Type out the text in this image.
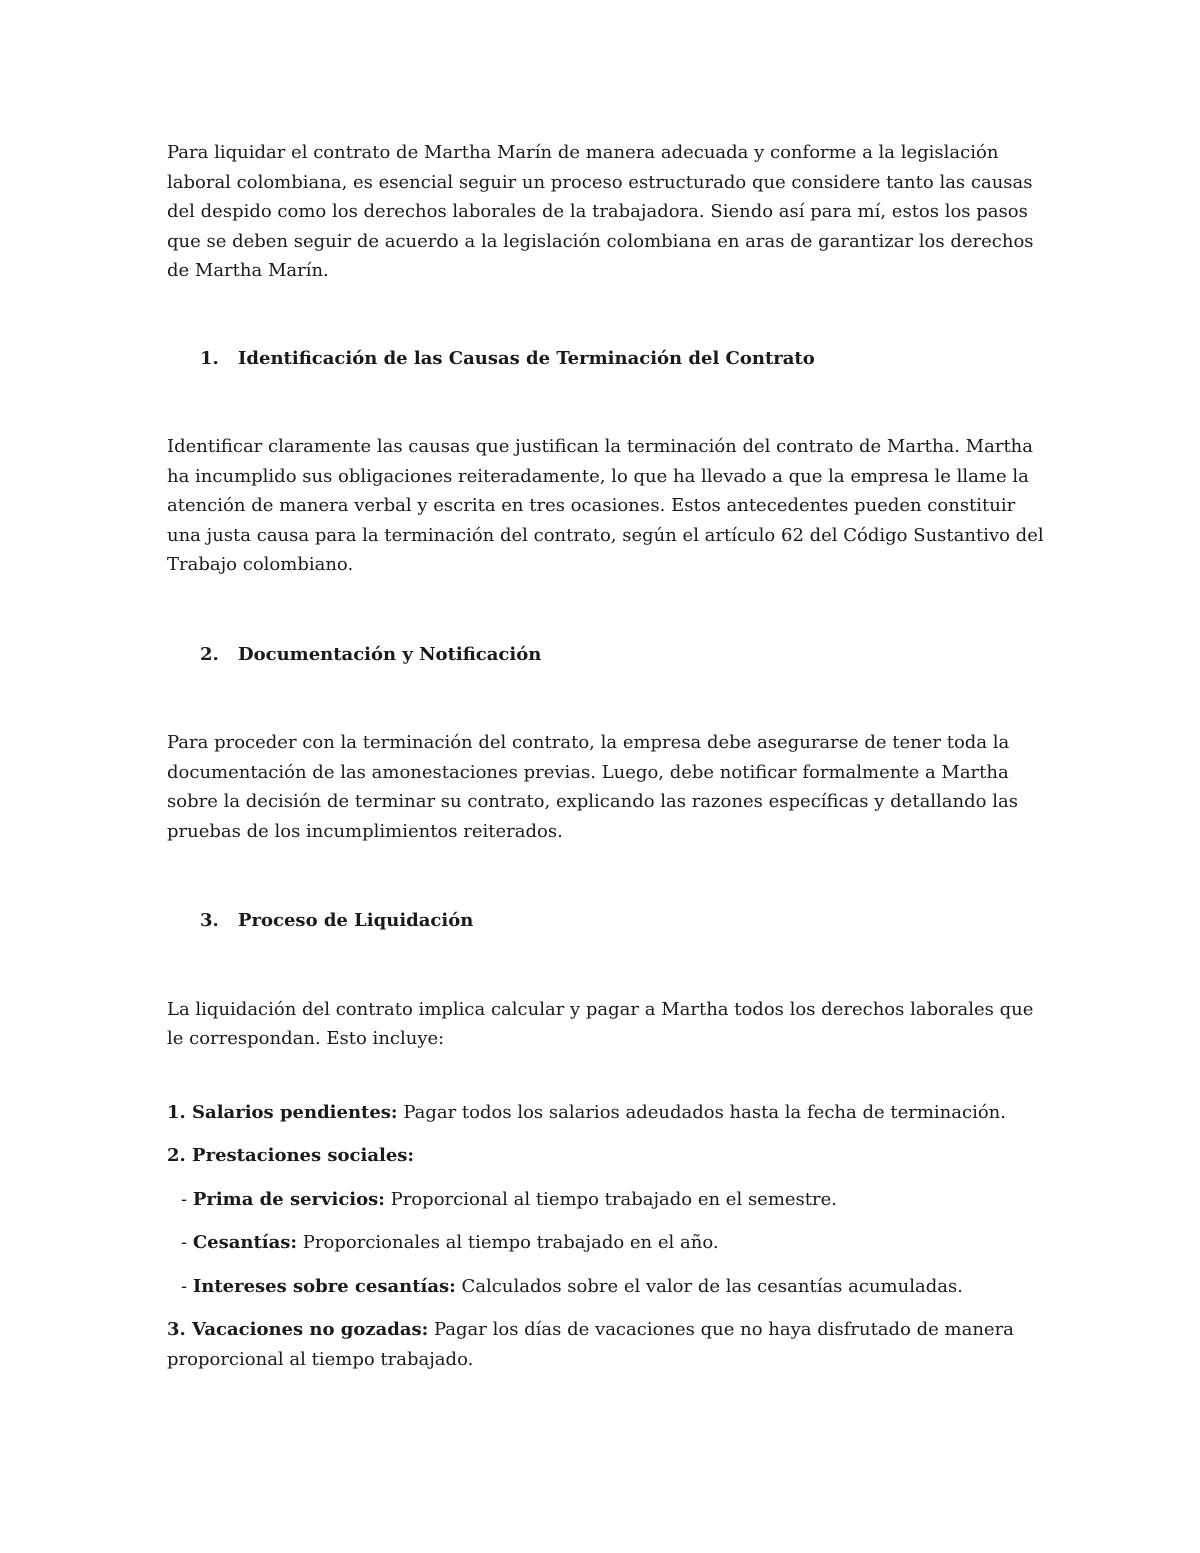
Para liquidar el contrato de Martha Marín de manera adecuada y conforme a la legislación laboral colombiana, es esencial seguir un proceso estructurado que considere tanto las causas del despido como los derechos laborales de la trabajadora. Siendo así para mí, estos los pasos que se deben seguir de acuerdo a la legislación colombiana en aras de garantizar los derechos de Martha Marín.

1.	Identificación de las Causas de Terminación del Contrato

Identificar claramente las causas que justifican la terminación del contrato de Martha. Martha ha incumplido sus obligaciones reiteradamente, lo que ha llevado a que la empresa le llame la atención de manera verbal y escrita en tres ocasiones. Estos antecedentes pueden constituir una justa causa para la terminación del contrato, según el artículo 62 del Código Sustantivo del Trabajo colombiano.

2.	Documentación y Notificación

Para proceder con la terminación del contrato, la empresa debe asegurarse de tener toda la documentación de las amonestaciones previas. Luego, debe notificar formalmente a Martha sobre la decisión de terminar su contrato, explicando las razones específicas y detallando las pruebas de los incumplimientos reiterados.

3.	Proceso de Liquidación

La liquidación del contrato implica calcular y pagar a Martha todos los derechos laborales que le correspondan. Esto incluye:

1. Salarios pendientes: Pagar todos los salarios adeudados hasta la fecha de terminación.

2. Prestaciones sociales:

- Prima de servicios: Proporcional al tiempo trabajado en el semestre.

- Cesantías: Proporcionales al tiempo trabajado en el año.

- Intereses sobre cesantías: Calculados sobre el valor de las cesantías acumuladas.

3. Vacaciones no gozadas: Pagar los días de vacaciones que no haya disfrutado de manera proporcional al tiempo trabajado.
